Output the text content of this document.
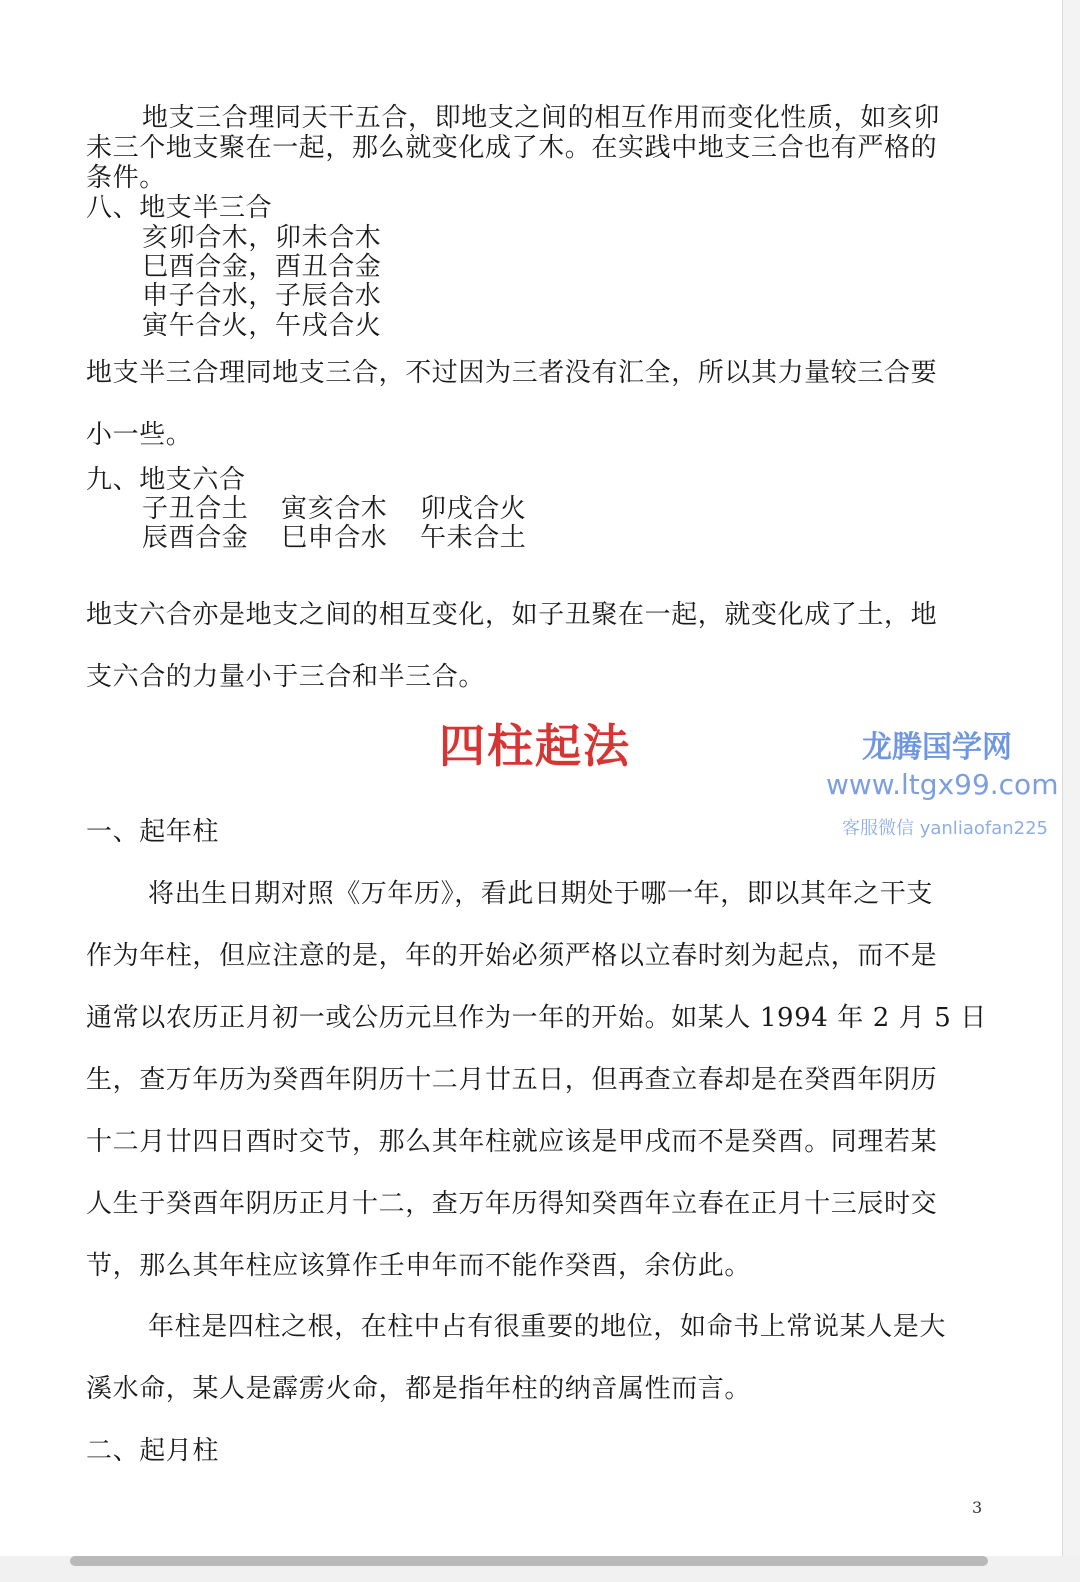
地支三合理同天干五合，即地支之间的相互作用而变化性质，如亥卯
未三个地支聚在一起，那么就变化成了木。在实践中地支三合也有严格的
条件。
八、地支半三合
亥卯合木，卯未合木
巳酉合金，酉丑合金
申子合水，子辰合水
寅午合火，午戌合火
地支半三合理同地支三合，不过因为三者没有汇全，所以其力量较三合要
小一些。
九、地支六合
子丑合土 寅亥合木 卯戌合火
辰酉合金 巳申合水 午未合土
地支六合亦是地支之间的相互变化，如子丑聚在一起，就变化成了土，地
支六合的力量小于三合和半三合。
四柱起法	龙腾国学网
www.ltgx99.com
客服微信 yanliaofan225
一、起年柱
将出生日期对照《万年历》，看此日期处于哪一年，即以其年之干支
作为年柱，但应注意的是，年的开始必须严格以立春时刻为起点，而不是
通常以农历正月初一或公历元旦作为一年的开始。如某人 1994 年 2 月 5 日
生，查万年历为癸酉年阴历十二月廿五日，但再查立春却是在癸酉年阴历
十二月廿四日酉时交节，那么其年柱就应该是甲戌而不是癸酉。同理若某
人生于癸酉年阴历正月十二，查万年历得知癸酉年立春在正月十三辰时交
节，那么其年柱应该算作壬申年而不能作癸酉，余仿此。
年柱是四柱之根，在柱中占有很重要的地位，如命书上常说某人是大
溪水命，某人是霹雳火命，都是指年柱的纳音属性而言。
二、起月柱
3
